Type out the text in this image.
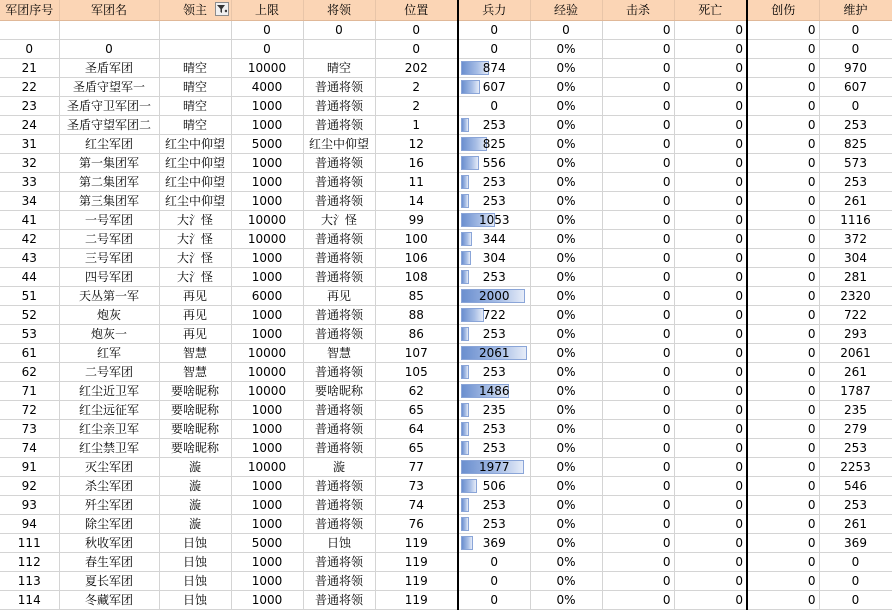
军团序号	军团名	领主	上限	将领	位置	兵力	经验	击杀	死亡	创伤	维护
			0	0	0	0	0	0	0	0	0
0	0		0		0	0	0%	0	0	0	0
21	圣盾军团	晴空	10000	晴空	202	874	0%	0	0	0	970
22	圣盾守望军一	晴空	4000	普通将领	2	607	0%	0	0	0	607
23	圣盾守卫军团一	晴空	1000	普通将领	2	0	0%	0	0	0	0
24	圣盾守望军团二	晴空	1000	普通将领	1	253	0%	0	0	0	253
31	红尘军团	红尘中仰望	5000	红尘中仰望	12	825	0%	0	0	0	825
32	第一集团军	红尘中仰望	1000	普通将领	16	556	0%	0	0	0	573
33	第二集团军	红尘中仰望	1000	普通将领	11	253	0%	0	0	0	253
34	第三集团军	红尘中仰望	1000	普通将领	14	253	0%	0	0	0	261
41	一号军团	大氵怪	10000	大氵怪	99	1053	0%	0	0	0	1116
42	二号军团	大氵怪	10000	普通将领	100	344	0%	0	0	0	372
43	三号军团	大氵怪	1000	普通将领	106	304	0%	0	0	0	304
44	四号军团	大氵怪	1000	普通将领	108	253	0%	0	0	0	281
51	天丛第一军	再见	6000	再见	85	2000	0%	0	0	0	2320
52	炮灰	再见	1000	普通将领	88	722	0%	0	0	0	722
53	炮灰一	再见	1000	普通将领	86	253	0%	0	0	0	293
61	红军	智慧	10000	智慧	107	2061	0%	0	0	0	2061
62	二号军团	智慧	10000	普通将领	105	253	0%	0	0	0	261
71	红尘近卫军	要啥昵称	10000	要啥昵称	62	1486	0%	0	0	0	1787
72	红尘远征军	要啥昵称	1000	普通将领	65	235	0%	0	0	0	235
73	红尘亲卫军	要啥昵称	1000	普通将领	64	253	0%	0	0	0	279
74	红尘禁卫军	要啥昵称	1000	普通将领	65	253	0%	0	0	0	253
91	灭尘军团	漩	10000	漩	77	1977	0%	0	0	0	2253
92	杀尘军团	漩	1000	普通将领	73	506	0%	0	0	0	546
93	歼尘军团	漩	1000	普通将领	74	253	0%	0	0	0	253
94	除尘军团	漩	1000	普通将领	76	253	0%	0	0	0	261
111	秋收军团	日蚀	5000	日蚀	119	369	0%	0	0	0	369
112	春生军团	日蚀	1000	普通将领	119	0	0%	0	0	0	0
113	夏长军团	日蚀	1000	普通将领	119	0	0%	0	0	0	0
114	冬藏军团	日蚀	1000	普通将领	119	0	0%	0	0	0	0
